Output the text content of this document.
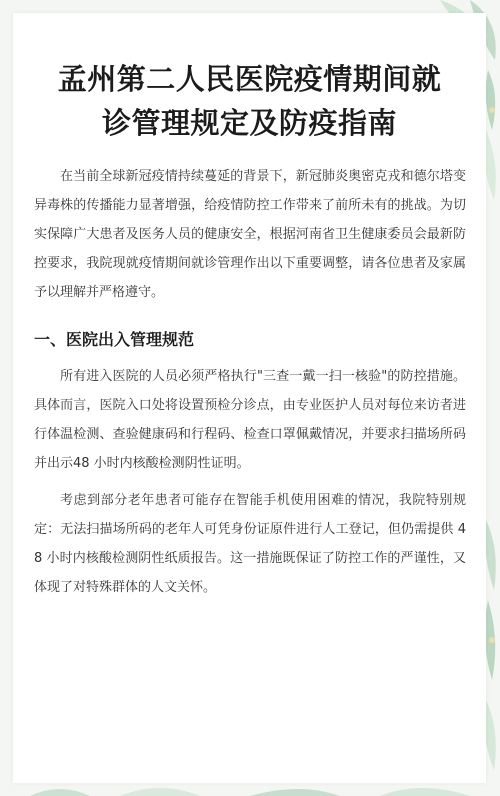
孟州第二人民医院疫情期间就
诊管理规定及防疫指南

在当前全球新冠疫情持续蔓延的背景下，新冠肺炎奥密克戎和德尔塔变异毒株的传播能力显著增强，给疫情防控工作带来了前所未有的挑战。为切实保障广大患者及医务人员的健康安全，根据河南省卫生健康委员会最新防控要求，我院现就疫情期间就诊管理作出以下重要调整，请各位患者及家属予以理解并严格遵守。

一、医院出入管理规范

所有进入医院的人员必须严格执行"三查一戴一扫一核验"的防控措施。具体而言，医院入口处将设置预检分诊点，由专业医护人员对每位来访者进行体温检测、查验健康码和行程码、检查口罩佩戴情况，并要求扫描场所码并出示48 小时内核酸检测阴性证明。

考虑到部分老年患者可能存在智能手机使用困难的情况，我院特别规定：无法扫描场所码的老年人可凭身份证原件进行人工登记，但仍需提供 48 小时内核酸检测阴性纸质报告。这一措施既保证了防控工作的严谨性，又体现了对特殊群体的人文关怀。
